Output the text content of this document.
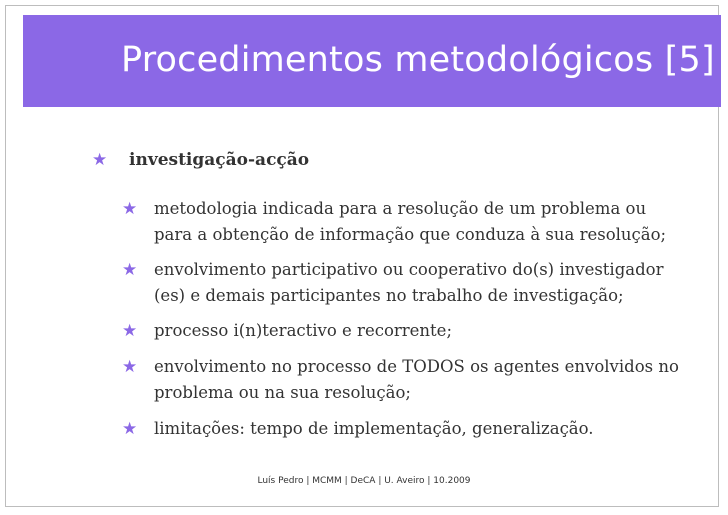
Procedimentos metodológicos [5]
★ investigação-acção
★ metodologia indicada para a resolução de um problema ou para a obtenção de informação que conduza à sua resolução;
★ envolvimento participativo ou cooperativo do(s) investigador (es) e demais participantes no trabalho de investigação;
★ processo i(n)teractivo e recorrente;
★ envolvimento no processo de TODOS os agentes envolvidos no problema ou na sua resolução;
★ limitações: tempo de implementação, generalização.
Luís Pedro | MCMM | DeCA | U. Aveiro | 10.2009
